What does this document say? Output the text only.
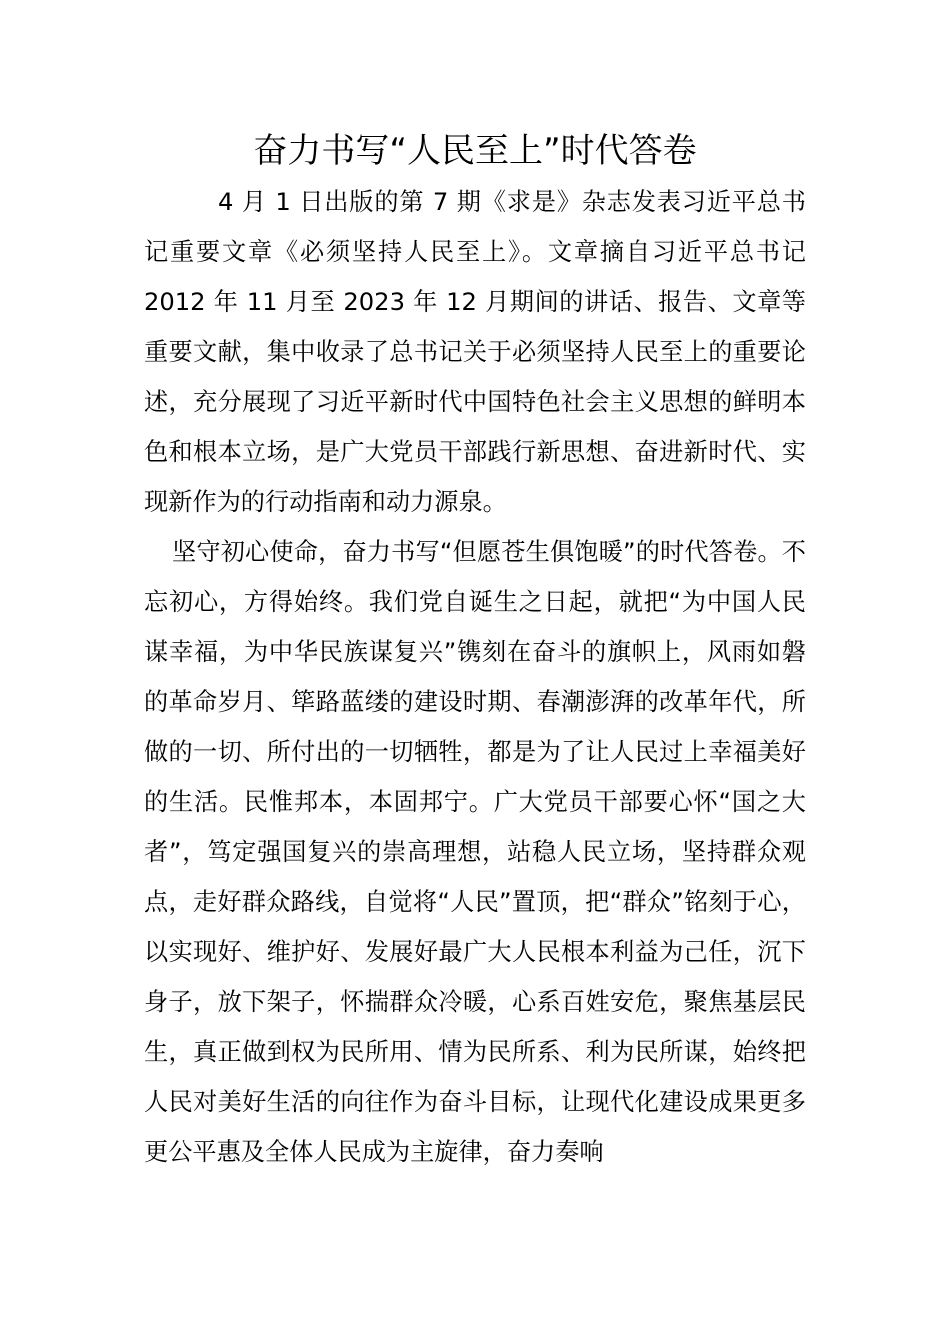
奋力书写“人民至上”时代答卷

4 月 1 日出版的第 7 期《求是》杂志发表习近平总书记重要文章《必须坚持人民至上》。文章摘自习近平总书记 2012 年 11 月至 2023 年 12 月期间的讲话、报告、文章等重要文献，集中收录了总书记关于必须坚持人民至上的重要论述，充分展现了习近平新时代中国特色社会主义思想的鲜明本色和根本立场，是广大党员干部践行新思想、奋进新时代、实现新作为的行动指南和动力源泉。

坚守初心使命，奋力书写“但愿苍生俱饱暖”的时代答卷。不忘初心，方得始终。我们党自诞生之日起，就把“为中国人民谋幸福，为中华民族谋复兴”镌刻在奋斗的旗帜上，风雨如磐的革命岁月、筚路蓝缕的建设时期、春潮澎湃的改革年代，所做的一切、所付出的一切牺牲，都是为了让人民过上幸福美好的生活。民惟邦本，本固邦宁。广大党员干部要心怀“国之大者”，笃定强国复兴的崇高理想，站稳人民立场，坚持群众观点，走好群众路线，自觉将“人民”置顶，把“群众”铭刻于心，以实现好、维护好、发展好最广大人民根本利益为己任，沉下身子，放下架子，怀揣群众冷暖，心系百姓安危，聚焦基层民生，真正做到权为民所用、情为民所系、利为民所谋，始终把人民对美好生活的向往作为奋斗目标，让现代化建设成果更多更公平惠及全体人民成为主旋律，奋力奏响
